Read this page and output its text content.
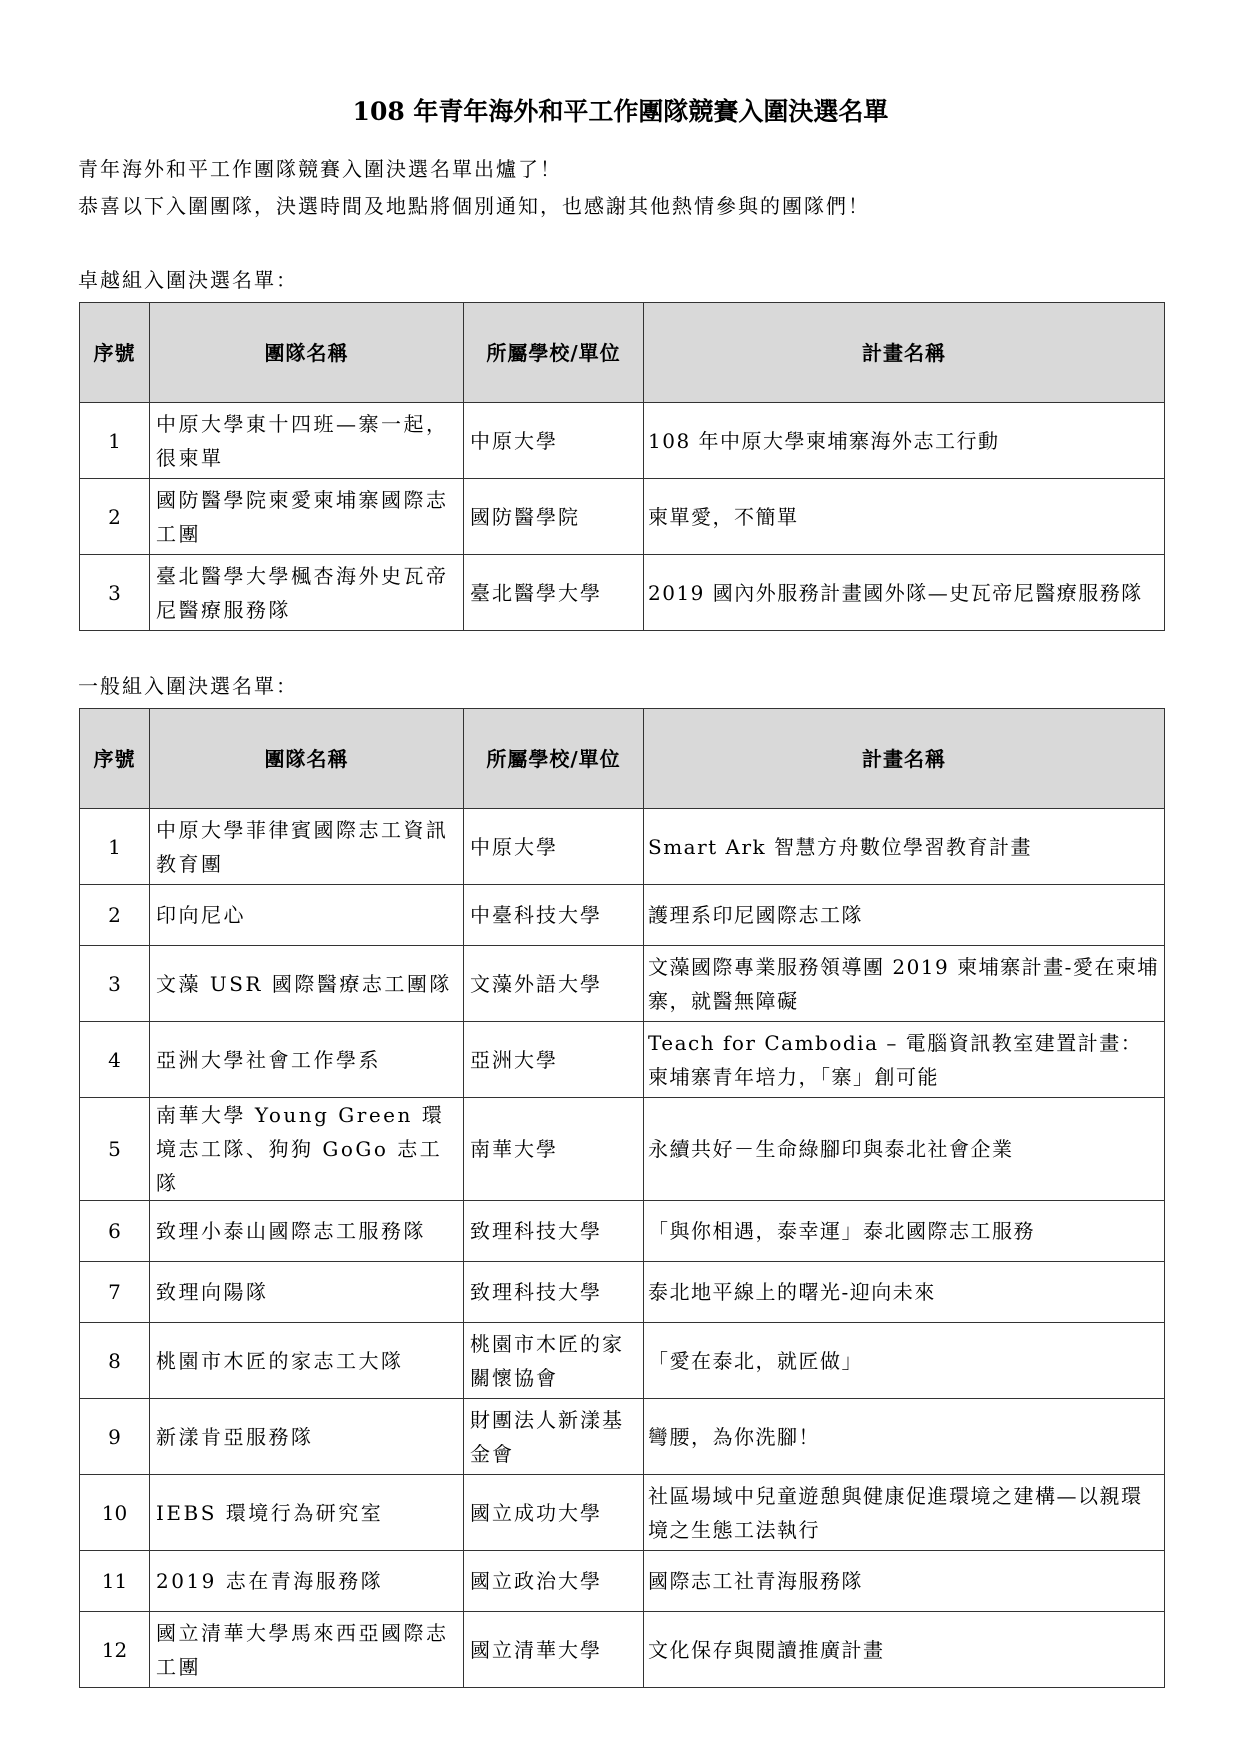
108 年青年海外和平工作團隊競賽入圍決選名單
青年海外和平工作團隊競賽入圍決選名單出爐了！
恭喜以下入圍團隊，決選時間及地點將個別通知，也感謝其他熱情參與的團隊們！
卓越組入圍決選名單：
序號	團隊名稱	所屬學校/單位	計畫名稱
1	中原大學東十四班—寨一起，很柬單	中原大學	108 年中原大學柬埔寨海外志工行動
2	國防醫學院柬愛柬埔寨國際志工團	國防醫學院	柬單愛，不簡單
3	臺北醫學大學楓杏海外史瓦帝尼醫療服務隊	臺北醫學大學	2019 國內外服務計畫國外隊—史瓦帝尼醫療服務隊
一般組入圍決選名單：
序號	團隊名稱	所屬學校/單位	計畫名稱
1	中原大學菲律賓國際志工資訊教育團	中原大學	Smart Ark 智慧方舟數位學習教育計畫
2	印向尼心	中臺科技大學	護理系印尼國際志工隊
3	文藻 USR 國際醫療志工團隊	文藻外語大學	文藻國際專業服務領導團 2019 柬埔寨計畫-愛在柬埔寨，就醫無障礙
4	亞洲大學社會工作學系	亞洲大學	Teach for Cambodia – 電腦資訊教室建置計畫： 柬埔寨青年培力，「寨」創可能
5	南華大學 Young Green 環境志工隊、狗狗 GoGo 志工隊	南華大學	永續共好－生命綠腳印與泰北社會企業
6	致理小泰山國際志工服務隊	致理科技大學	「與你相遇，泰幸運」泰北國際志工服務
7	致理向陽隊	致理科技大學	泰北地平線上的曙光-迎向未來
8	桃園市木匠的家志工大隊	桃園市木匠的家關懷協會	「愛在泰北，就匠做」
9	新漾肯亞服務隊	財團法人新漾基金會	彎腰，為你洗腳！
10	IEBS 環境行為研究室	國立成功大學	社區場域中兒童遊憩與健康促進環境之建構—以親環境之生態工法執行
11	2019 志在青海服務隊	國立政治大學	國際志工社青海服務隊
12	國立清華大學馬來西亞國際志工團	國立清華大學	文化保存與閱讀推廣計畫
